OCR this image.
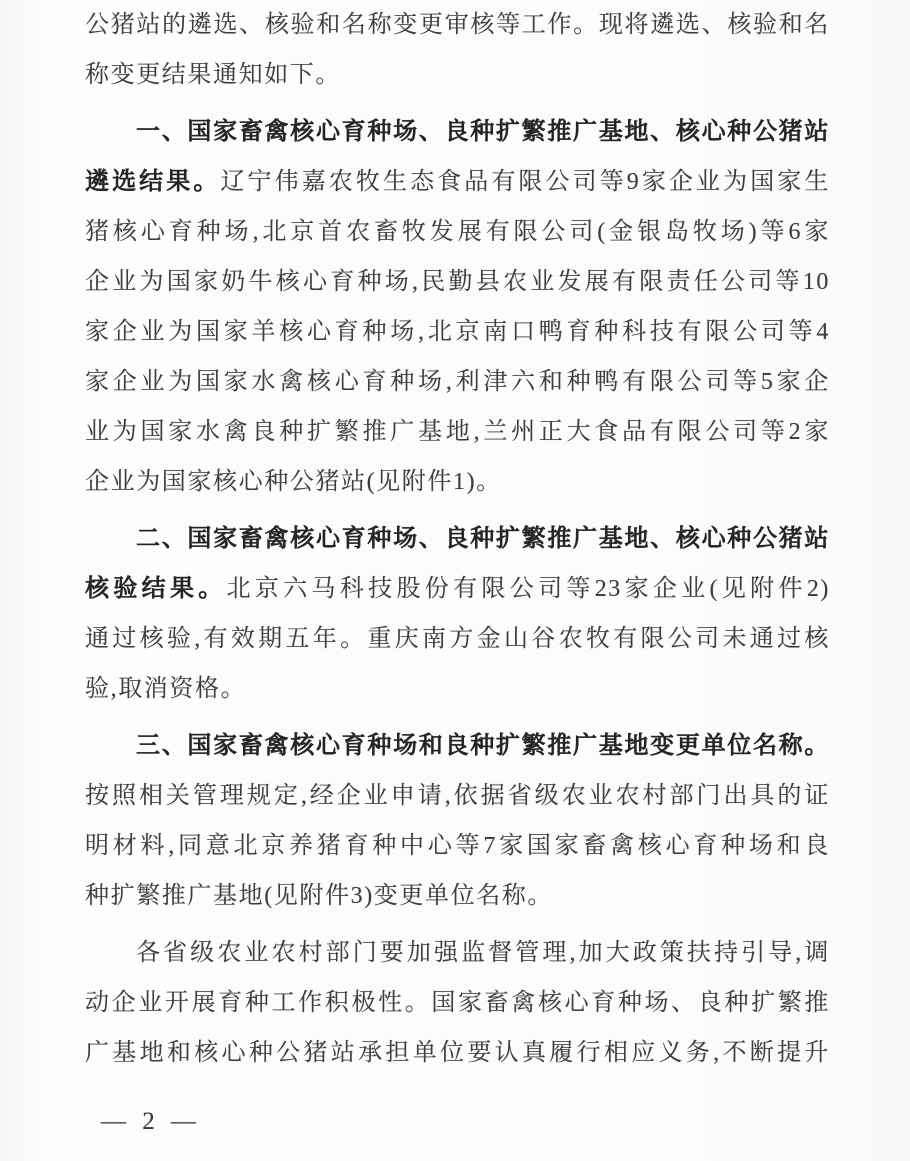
公猪站的遴选、核验和名称变更审核等工作。现将遴选、核验和名
称变更结果通知如下。
一、国家畜禽核心育种场、良种扩繁推广基地、核心种公猪站
遴选结果。辽宁伟嘉农牧生态食品有限公司等9家企业为国家生
猪核心育种场,北京首农畜牧发展有限公司(金银岛牧场)等6家
企业为国家奶牛核心育种场,民勤县农业发展有限责任公司等10
家企业为国家羊核心育种场,北京南口鸭育种科技有限公司等4
家企业为国家水禽核心育种场,利津六和种鸭有限公司等5家企
业为国家水禽良种扩繁推广基地,兰州正大食品有限公司等2家
企业为国家核心种公猪站(见附件1)。
二、国家畜禽核心育种场、良种扩繁推广基地、核心种公猪站
核验结果。北京六马科技股份有限公司等23家企业(见附件2)
通过核验,有效期五年。重庆南方金山谷农牧有限公司未通过核
验,取消资格。
三、国家畜禽核心育种场和良种扩繁推广基地变更单位名称。
按照相关管理规定,经企业申请,依据省级农业农村部门出具的证
明材料,同意北京养猪育种中心等7家国家畜禽核心育种场和良
种扩繁推广基地(见附件3)变更单位名称。
各省级农业农村部门要加强监督管理,加大政策扶持引导,调
动企业开展育种工作积极性。国家畜禽核心育种场、良种扩繁推
广基地和核心种公猪站承担单位要认真履行相应义务,不断提升
— 2 —
